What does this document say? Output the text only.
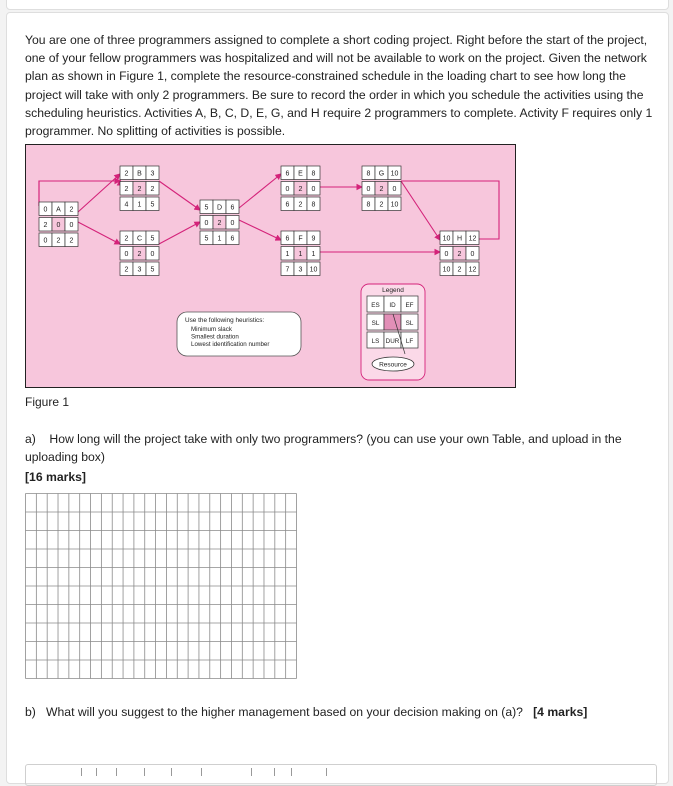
You are one of three programmers assigned to complete a short coding project. Right before the start of the project, one of your fellow programmers was hospitalized and will not be available to work on the project. Given the network plan as shown in Figure 1, complete the resource-constrained schedule in the loading chart to see how long the project will take with only 2 programmers. Be sure to record the order in which you schedule the activities using the scheduling heuristics. Activities A, B, C, D, E, G, and H require 2 programmers to complete. Activity F requires only 1 programmer. No splitting of activities is possible.

0 A 2
2 0 0
0 2 2
2 B 3
2 2 2
4 1 5
2 C 5
0 2 0
2 3 5
5 D 6
0 2 0
5 1 6
6 E 8
0 2 0
6 2 8
6 F 9
1 1 1
7 3 10
8 G 10
0 2 0
8 2 10
10 H 12
0 2 0
10 2 12
Use the following heuristics:
Minimum slack
Smallest duration
Lowest identification number
Legend
ES ID EF
SL	SL
LS DUR LF
Resource
Figure 1
a) How long will the project take with only two programmers? (you can use your own Table, and upload in the uploading box)
[16 marks]
b) What will you suggest to the higher management based on your decision making on (a)? [4 marks]
